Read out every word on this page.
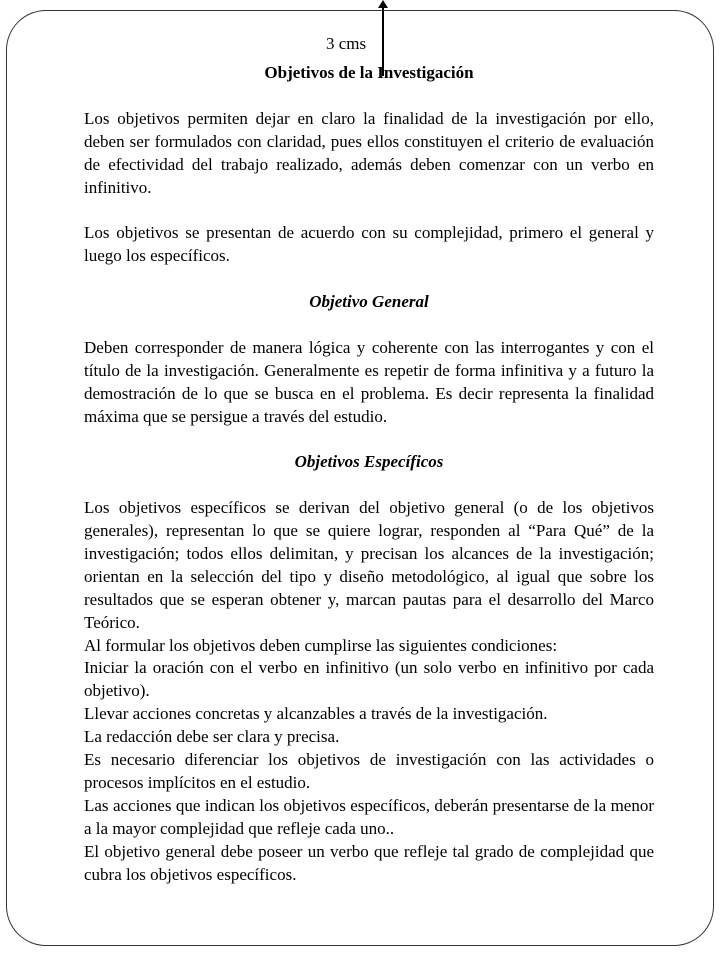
3 cms
Objetivos de la Investigación

Los objetivos permiten dejar en claro la finalidad de la investigación por ello, deben ser formulados con claridad, pues ellos constituyen el criterio de evaluación de efectividad del trabajo realizado, además deben comenzar con un verbo en infinitivo.

Los objetivos se presentan de acuerdo con su complejidad, primero el general y luego los específicos.

Objetivo General

Deben corresponder de manera lógica y coherente con las interrogantes y con el título de la investigación. Generalmente es repetir de forma infinitiva y a futuro la demostración de lo que se busca en el problema. Es decir representa la finalidad máxima que se persigue a través del estudio.

Objetivos Específicos

Los objetivos específicos se derivan del objetivo general (o de los objetivos generales), representan lo que se quiere lograr, responden al “Para Qué” de la investigación; todos ellos delimitan, y precisan los alcances de la investigación; orientan en la selección del tipo y diseño metodológico, al igual que sobre los resultados que se esperan obtener y, marcan pautas para el desarrollo del Marco Teórico.

Al formular los objetivos deben cumplirse las siguientes condiciones:

Iniciar la oración con el verbo en infinitivo (un solo verbo en infinitivo por cada objetivo).

Llevar acciones concretas y alcanzables a través de la investigación.

La redacción debe ser clara y precisa.

Es necesario diferenciar los objetivos de investigación con las actividades o procesos implícitos en el estudio.

Las acciones que indican los objetivos específicos, deberán presentarse de la menor a la mayor complejidad que refleje cada uno..

El objetivo general debe poseer un verbo que refleje tal grado de complejidad que cubra los objetivos específicos.
